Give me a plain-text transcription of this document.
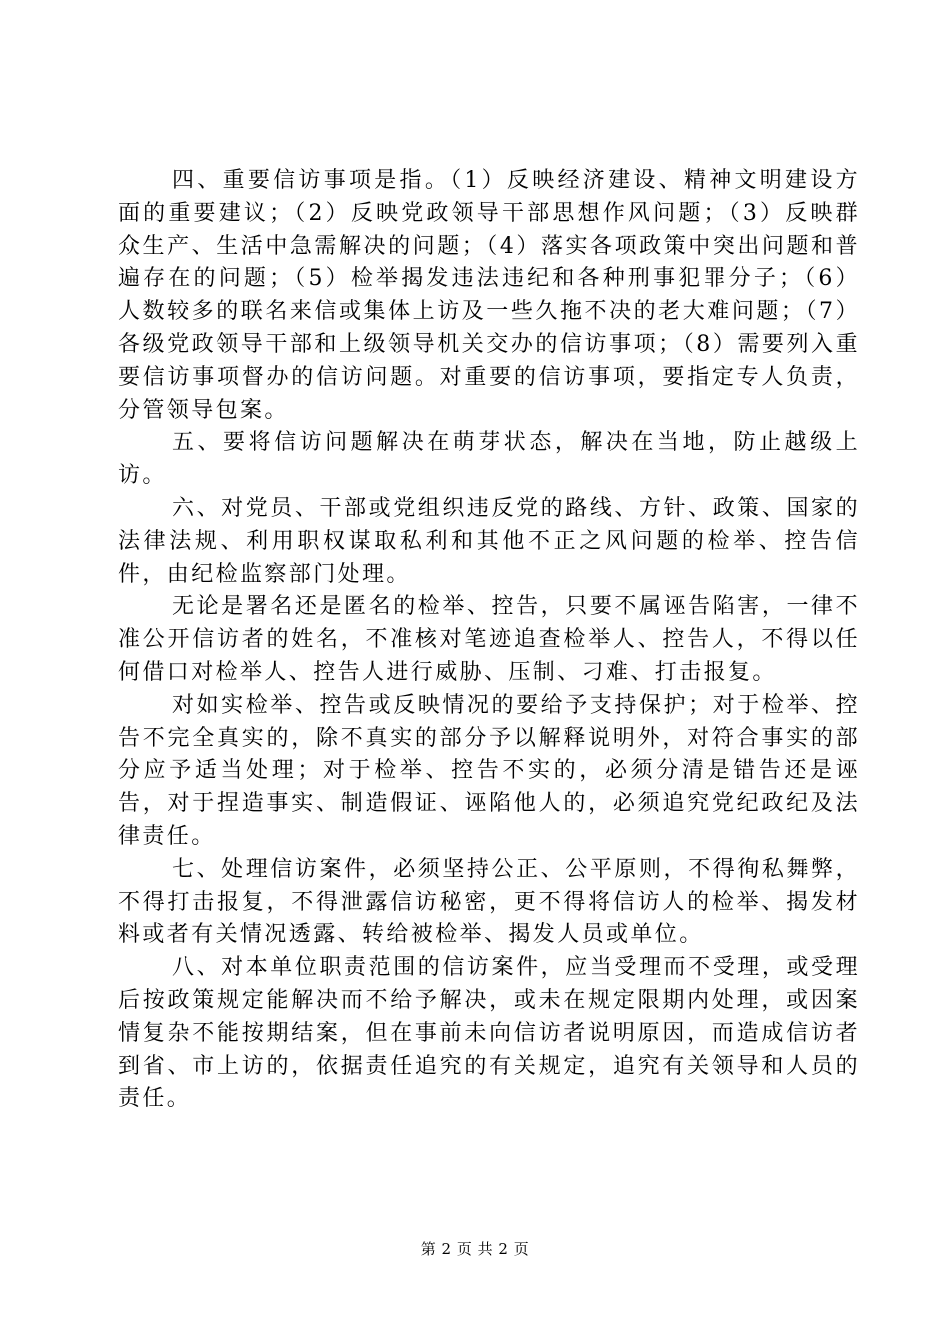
四、重要信访事项是指。（1）反映经济建设、精神文明建设方面的重要建议；（2）反映党政领导干部思想作风问题；（3）反映群众生产、生活中急需解决的问题；（4）落实各项政策中突出问题和普遍存在的问题；（5）检举揭发违法违纪和各种刑事犯罪分子；（6）人数较多的联名来信或集体上访及一些久拖不决的老大难问题；（7）各级党政领导干部和上级领导机关交办的信访事项；（8）需要列入重要信访事项督办的信访问题。对重要的信访事项，要指定专人负责，分管领导包案。

五、要将信访问题解决在萌芽状态，解决在当地，防止越级上访。

六、对党员、干部或党组织违反党的路线、方针、政策、国家的法律法规、利用职权谋取私利和其他不正之风问题的检举、控告信件，由纪检监察部门处理。

无论是署名还是匿名的检举、控告，只要不属诬告陷害，一律不准公开信访者的姓名，不准核对笔迹追查检举人、控告人，不得以任何借口对检举人、控告人进行威胁、压制、刁难、打击报复。

对如实检举、控告或反映情况的要给予支持保护；对于检举、控告不完全真实的，除不真实的部分予以解释说明外，对符合事实的部分应予适当处理；对于检举、控告不实的，必须分清是错告还是诬告，对于捏造事实、制造假证、诬陷他人的，必须追究党纪政纪及法律责任。

七、处理信访案件，必须坚持公正、公平原则，不得徇私舞弊，不得打击报复，不得泄露信访秘密，更不得将信访人的检举、揭发材料或者有关情况透露、转给被检举、揭发人员或单位。

八、对本单位职责范围的信访案件，应当受理而不受理，或受理后按政策规定能解决而不给予解决，或未在规定限期内处理，或因案情复杂不能按期结案，但在事前未向信访者说明原因，而造成信访者到省、市上访的，依据责任追究的有关规定，追究有关领导和人员的责任。

第 2 页 共 2 页
